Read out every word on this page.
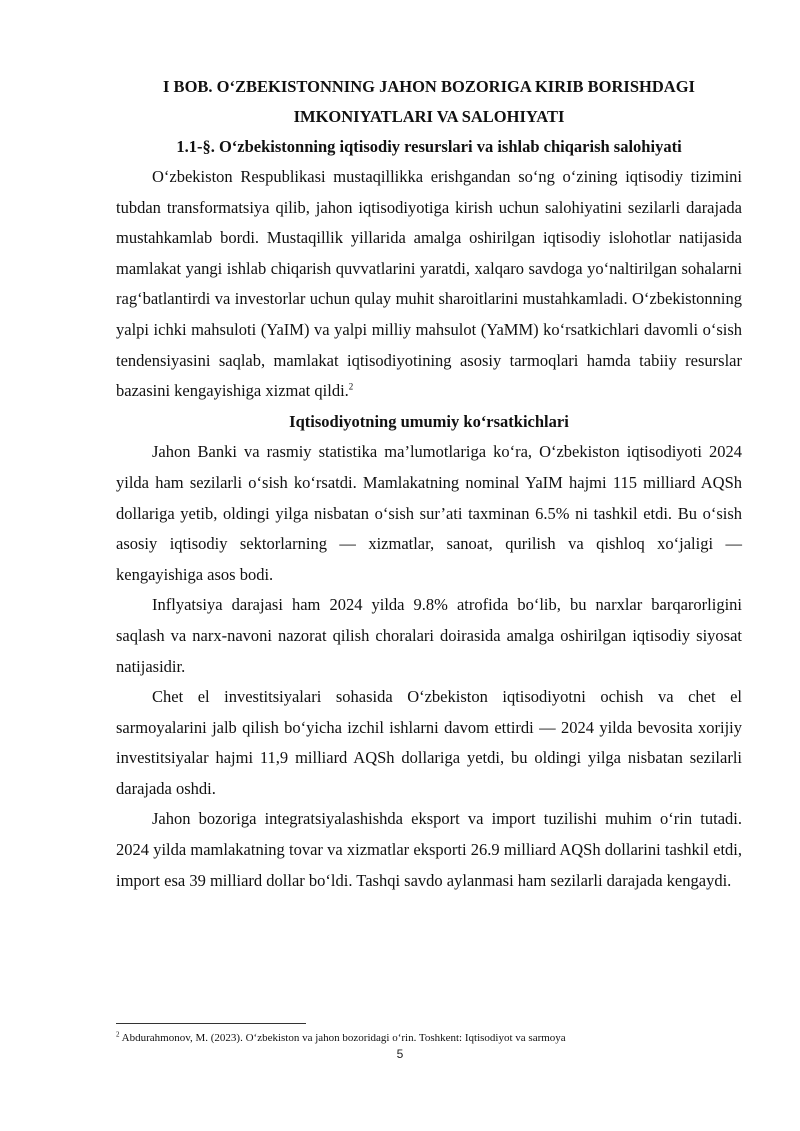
I BOB. O‘ZBEKISTONNING JAHON BOZORIGA KIRIB BORISHDAGI
IMKONIYATLARI VA SALOHIYATI

1.1-§. O‘zbekistonning iqtisodiy resurslari va ishlab chiqarish salohiyati

O‘zbekiston Respublikasi mustaqillikka erishgandan so‘ng o‘zining iqtisodiy tizimini tubdan transformatsiya qilib, jahon iqtisodiyotiga kirish uchun salohiyatini sezilarli darajada mustahkamlab bordi. Mustaqillik yillarida amalga oshirilgan iqtisodiy islohotlar natijasida mamlakat yangi ishlab chiqarish quvvatlarini yaratdi, xalqaro savdoga yo‘naltirilgan sohalarni rag‘batlantirdi va investorlar uchun qulay muhit sharoitlarini mustahkamladi. O‘zbekistonning yalpi ichki mahsuloti (YaIM) va yalpi milliy mahsulot (YaMM) ko‘rsatkichlari davomli o‘sish tendensiyasini saqlab, mamlakat iqtisodiyotining asosiy tarmoqlari hamda tabiiy resurslar bazasini kengayishiga xizmat qildi.$^2$

Iqtisodiyotning umumiy ko‘rsatkichlari

Jahon Banki va rasmiy statistika ma’lumotlariga ko‘ra, O‘zbekiston iqtisodiyoti 2024 yilda ham sezilarli o‘sish ko‘rsatdi. Mamlakatning nominal YaIM hajmi 115 milliard AQSh dollariga yetib, oldingi yilga nisbatan o‘sish sur’ati taxminan 6.5% ni tashkil etdi. Bu o‘sish asosiy iqtisodiy sektorlarning — xizmatlar, sanoat, qurilish va qishloq xo‘jaligi — kengayishiga asos bodi.

Inflyatsiya darajasi ham 2024 yilda 9.8% atrofida bo‘lib, bu narxlar barqarorligini saqlash va narx-navoni nazorat qilish choralari doirasida amalga oshirilgan iqtisodiy siyosat natijasidir.

Chet el investitsiyalari sohasida O‘zbekiston iqtisodiyotni ochish va chet el sarmoyalarini jalb qilish bo‘yicha izchil ishlarni davom ettirdi — 2024 yilda bevosita xorijiy investitsiyalar hajmi 11,9 milliard AQSh dollariga yetdi, bu oldingi yilga nisbatan sezilarli darajada oshdi.

Jahon bozoriga integratsiyalashishda eksport va import tuzilishi muhim o‘rin tutadi. 2024 yilda mamlakatning tovar va xizmatlar eksporti 26.9 milliard AQSh dollarini tashkil etdi, import esa 39 milliard dollar bo‘ldi. Tashqi savdo aylanmasi ham sezilarli darajada kengaydi.

$^2$ Abdurahmonov, M. (2023). O‘zbekiston va jahon bozoridagi o‘rin. Toshkent: Iqtisodiyot va sarmoya
5
